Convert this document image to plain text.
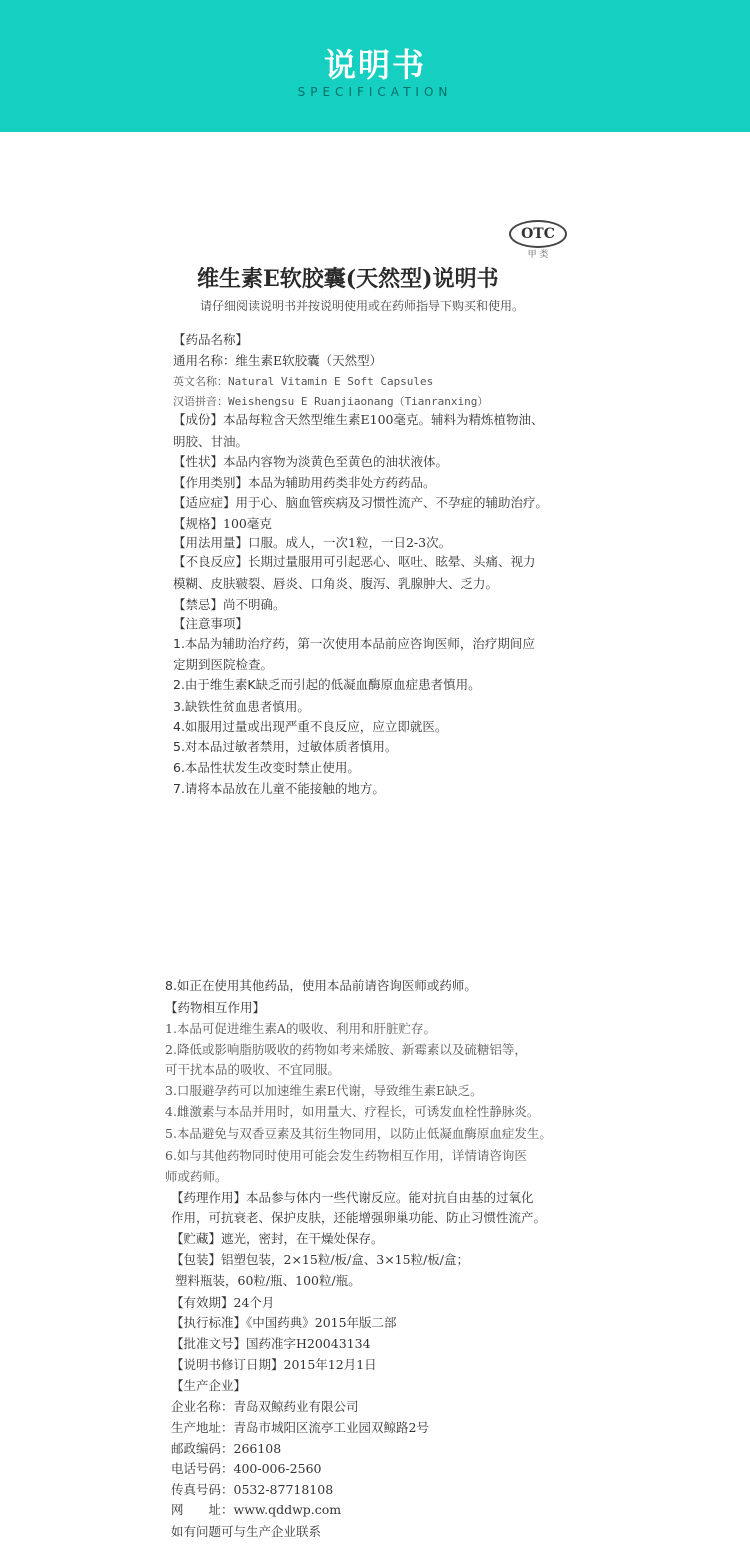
说明书
SPECIFICATION
OTC
甲 类
维生素E软胶囊(天然型)说明书
请仔细阅读说明书并按说明使用或在药师指导下购买和使用。
【药品名称】
通用名称：维生素E软胶囊（天然型）
英文名称：Natural Vitamin E Soft Capsules
汉语拼音：Weishengsu E Ruanjiaonang（Tianranxing）
【成份】本品每粒含天然型维生素E100毫克。辅料为精炼植物油、
明胶、甘油。
【性状】本品内容物为淡黄色至黄色的油状液体。
【作用类别】本品为辅助用药类非处方药药品。
【适应症】用于心、脑血管疾病及习惯性流产、不孕症的辅助治疗。
【规格】100毫克
【用法用量】口服。成人，一次1粒，一日2-3次。
【不良反应】长期过量服用可引起恶心、呕吐、眩晕、头痛、视力
模糊、皮肤皲裂、唇炎、口角炎、腹泻、乳腺肿大、乏力。
【禁忌】尚不明确。
【注意事项】
1.本品为辅助治疗药，第一次使用本品前应咨询医师，治疗期间应
定期到医院检查。
2.由于维生素K缺乏而引起的低凝血酶原血症患者慎用。
3.缺铁性贫血患者慎用。
4.如服用过量或出现严重不良反应，应立即就医。
5.对本品过敏者禁用，过敏体质者慎用。
6.本品性状发生改变时禁止使用。
7.请将本品放在儿童不能接触的地方。
8.如正在使用其他药品，使用本品前请咨询医师或药师。
【药物相互作用】
1.本品可促进维生素A的吸收、利用和肝脏贮存。
2.降低或影响脂肪吸收的药物如考来烯胺、新霉素以及硫糖铝等，
可干扰本品的吸收、不宜同服。
3.口服避孕药可以加速维生素E代谢，导致维生素E缺乏。
4.雌激素与本品并用时，如用量大、疗程长，可诱发血栓性静脉炎。
5.本品避免与双香豆素及其衍生物同用，以防止低凝血酶原血症发生。
6.如与其他药物同时使用可能会发生药物相互作用，详情请咨询医
师或药师。
【药理作用】本品参与体内一些代谢反应。能对抗自由基的过氧化
作用，可抗衰老、保护皮肤，还能增强卵巢功能、防止习惯性流产。
【贮藏】遮光，密封，在干燥处保存。
【包装】铝塑包装，2×15粒/板/盒、3×15粒/板/盒；
塑料瓶装，60粒/瓶、100粒/瓶。
【有效期】24个月
【执行标准】《中国药典》2015年版二部
【批准文号】国药准字H20043134
【说明书修订日期】2015年12月1日
【生产企业】
企业名称：青岛双鲸药业有限公司
生产地址：青岛市城阳区流亭工业园双鲸路2号
邮政编码：266108
电话号码：400-006-2560
传真号码：0532-87718108
网　　址：www.qddwp.com
如有问题可与生产企业联系
